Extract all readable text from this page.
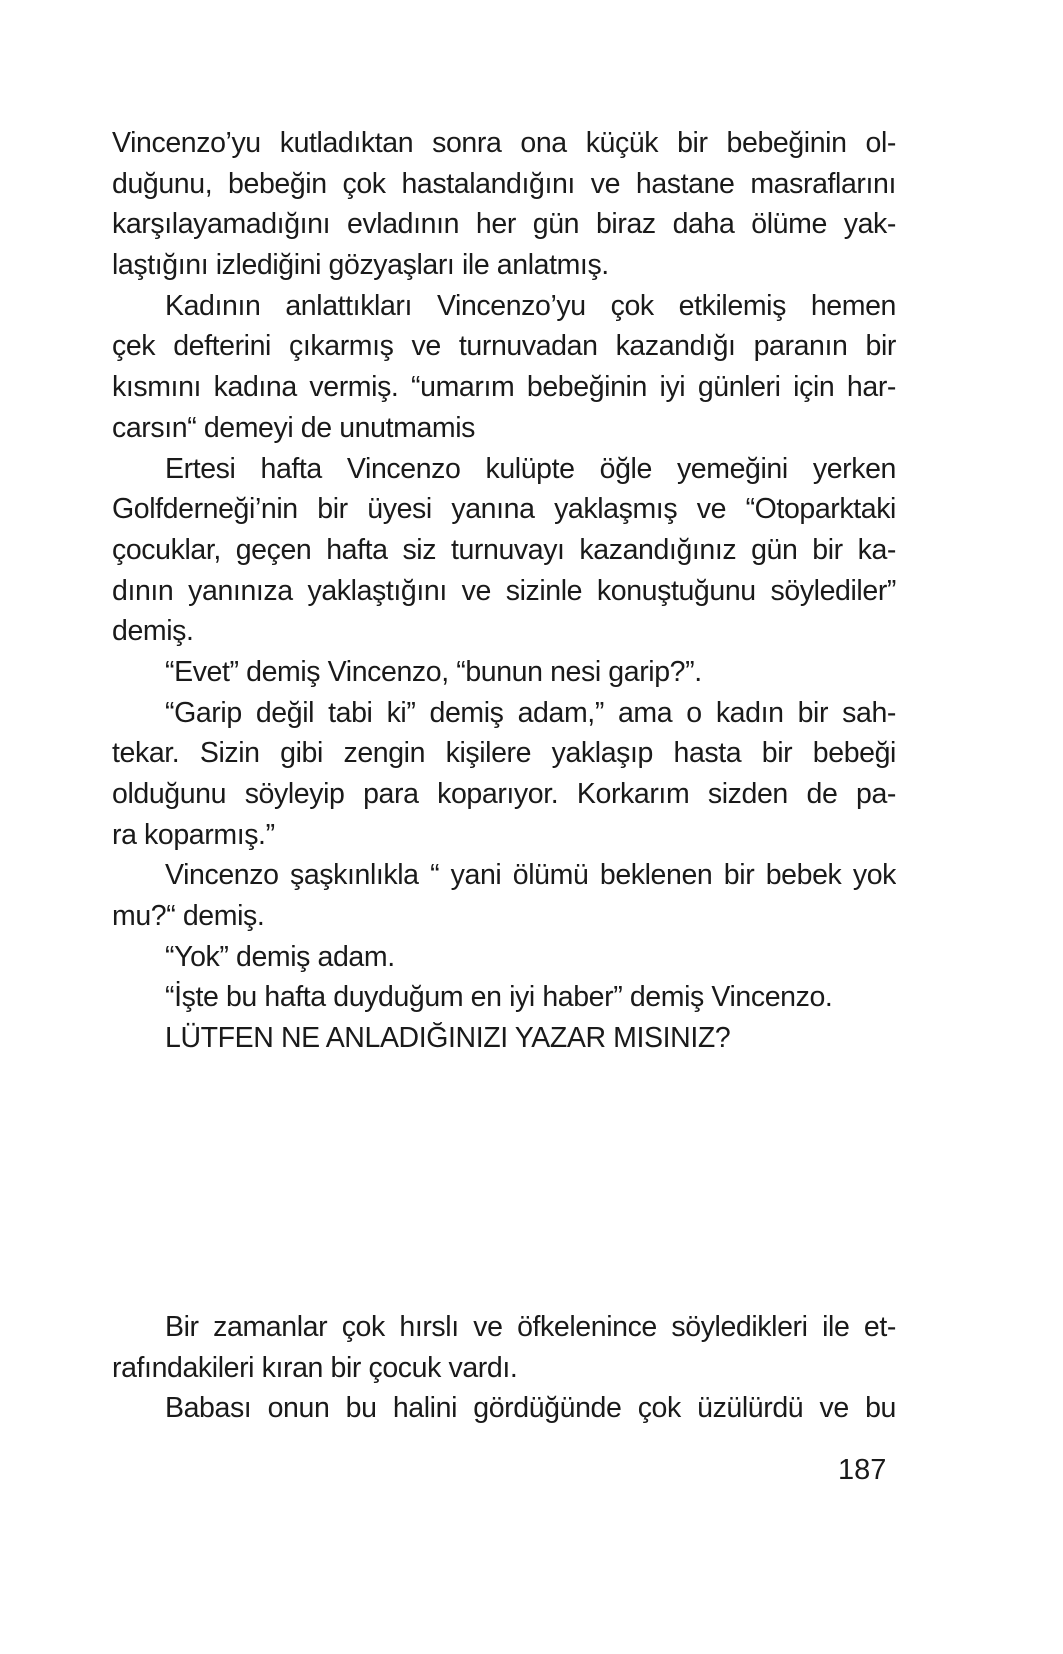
Vincenzo’yu kutladıktan sonra ona küçük bir bebeğinin ol-
duğunu, bebeğin çok hastalandığını ve hastane masraflarını
karşılayamadığını evladının her gün biraz daha ölüme yak-
laştığını izlediğini gözyaşları ile anlatmış.
Kadının anlattıkları Vincenzo’yu çok etkilemiş hemen
çek defterini çıkarmış ve turnuvadan kazandığı paranın bir
kısmını kadına vermiş. “umarım bebeğinin iyi günleri için har-
carsın“ demeyi de unutmamis
Ertesi hafta Vincenzo kulüpte öğle yemeğini yerken
Golfderneği’nin bir üyesi yanına yaklaşmış ve “Otoparktaki
çocuklar, geçen hafta siz turnuvayı kazandığınız gün bir ka-
dının yanınıza yaklaştığını ve sizinle konuştuğunu söylediler”
demiş.
“Evet” demiş Vincenzo, “bunun nesi garip?”.
“Garip değil tabi ki” demiş adam,” ama o kadın bir sah-
tekar. Sizin gibi zengin kişilere yaklaşıp hasta bir bebeği
olduğunu söyleyip para koparıyor. Korkarım sizden de pa-
ra koparmış.”
Vincenzo şaşkınlıkla “ yani ölümü beklenen bir bebek yok
mu?“ demiş.
“Yok” demiş adam.
“İşte bu hafta duyduğum en iyi haber” demiş Vincenzo.
LÜTFEN NE ANLADIĞINIZI YAZAR MISINIZ?
Bir zamanlar çok hırslı ve öfkelenince söyledikleri ile et-
rafındakileri kıran bir çocuk vardı.
Babası onun bu halini gördüğünde çok üzülürdü ve bu
187
